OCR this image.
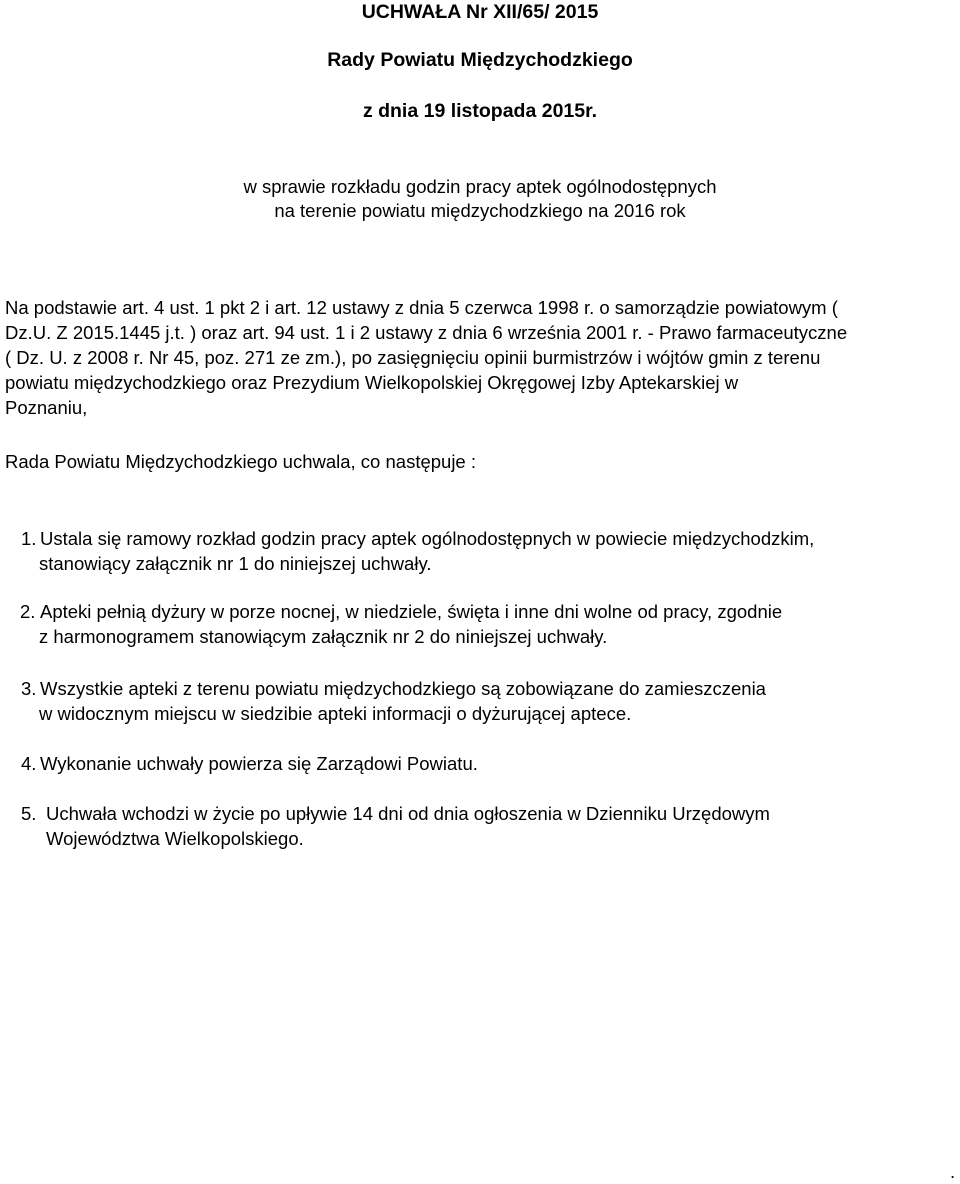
UCHWAŁA Nr XII/65/ 2015
Rady Powiatu Międzychodzkiego
z dnia 19 listopada 2015r.
w sprawie rozkładu godzin pracy aptek ogólnodostępnych
na terenie powiatu międzychodzkiego na 2016 rok
Na podstawie art. 4 ust. 1 pkt 2 i art. 12 ustawy z dnia 5 czerwca 1998 r. o samorządzie powiatowym (
Dz.U. Z 2015.1445 j.t. ) oraz art. 94 ust. 1 i 2 ustawy z dnia 6 września 2001 r. - Prawo farmaceutyczne
( Dz. U. z 2008 r. Nr 45, poz. 271 ze zm.), po zasięgnięciu opinii burmistrzów i wójtów gmin z terenu
powiatu międzychodzkiego oraz Prezydium Wielkopolskiej Okręgowej Izby Aptekarskiej w
Poznaniu,
Rada Powiatu Międzychodzkiego uchwala, co następuje :
1. Ustala się ramowy rozkład godzin pracy aptek ogólnodostępnych w powiecie międzychodzkim,
stanowiący załącznik nr 1 do niniejszej uchwały.
2. Apteki pełnią dyżury w porze nocnej, w niedziele, święta i inne dni wolne od pracy, zgodnie
z harmonogramem stanowiącym załącznik nr 2 do niniejszej uchwały.
3. Wszystkie apteki z terenu powiatu międzychodzkiego są zobowiązane do zamieszczenia
w widocznym miejscu w siedzibie apteki informacji o dyżurującej aptece.
4. Wykonanie uchwały powierza się Zarządowi Powiatu.
5. Uchwała wchodzi w życie po upływie 14 dni od dnia ogłoszenia w Dzienniku Urzędowym
Województwa Wielkopolskiego.
.
